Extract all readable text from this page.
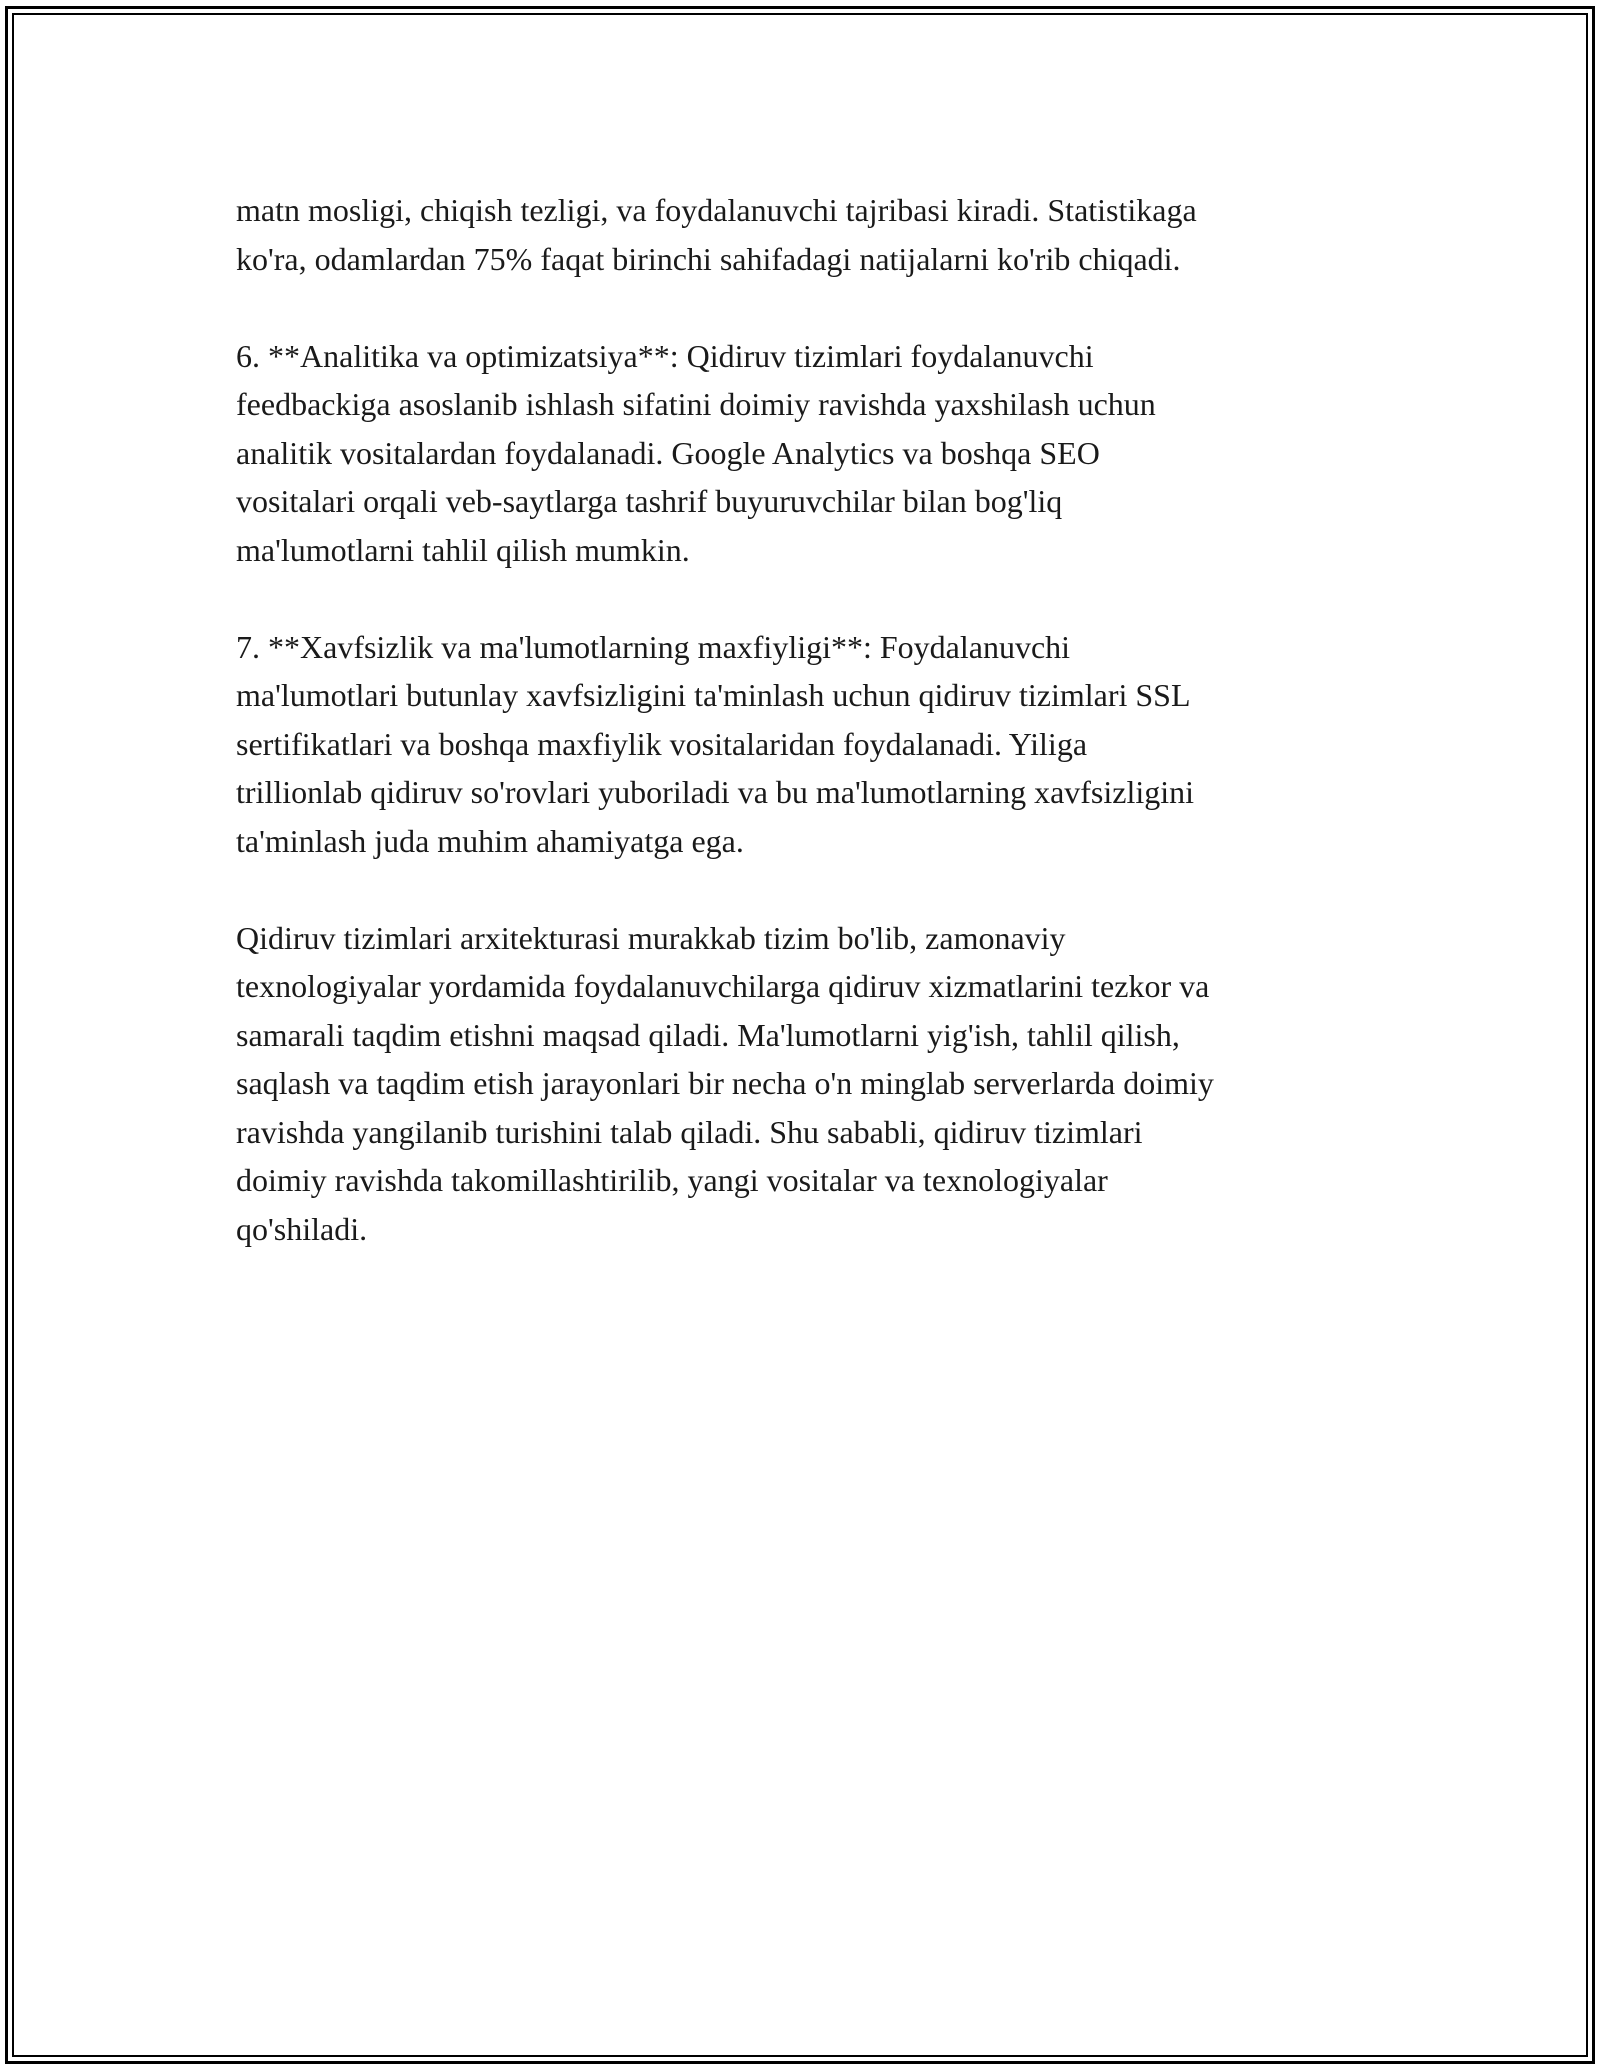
matn mosligi, chiqish tezligi, va foydalanuvchi tajribasi kiradi. Statistikaga
ko'ra, odamlardan 75% faqat birinchi sahifadagi natijalarni ko'rib chiqadi.

6. **Analitika va optimizatsiya**: Qidiruv tizimlari foydalanuvchi
feedbackiga asoslanib ishlash sifatini doimiy ravishda yaxshilash uchun
analitik vositalardan foydalanadi. Google Analytics va boshqa SEO
vositalari orqali veb-saytlarga tashrif buyuruvchilar bilan bog'liq
ma'lumotlarni tahlil qilish mumkin.

7. **Xavfsizlik va ma'lumotlarning maxfiyligi**: Foydalanuvchi
ma'lumotlari butunlay xavfsizligini ta'minlash uchun qidiruv tizimlari SSL
sertifikatlari va boshqa maxfiylik vositalaridan foydalanadi. Yiliga
trillionlab qidiruv so'rovlari yuboriladi va bu ma'lumotlarning xavfsizligini
ta'minlash juda muhim ahamiyatga ega.

Qidiruv tizimlari arxitekturasi murakkab tizim bo'lib, zamonaviy
texnologiyalar yordamida foydalanuvchilarga qidiruv xizmatlarini tezkor va
samarali taqdim etishni maqsad qiladi. Ma'lumotlarni yig'ish, tahlil qilish,
saqlash va taqdim etish jarayonlari bir necha o'n minglab serverlarda doimiy
ravishda yangilanib turishini talab qiladi. Shu sababli, qidiruv tizimlari
doimiy ravishda takomillashtirilib, yangi vositalar va texnologiyalar
qo'shiladi.
